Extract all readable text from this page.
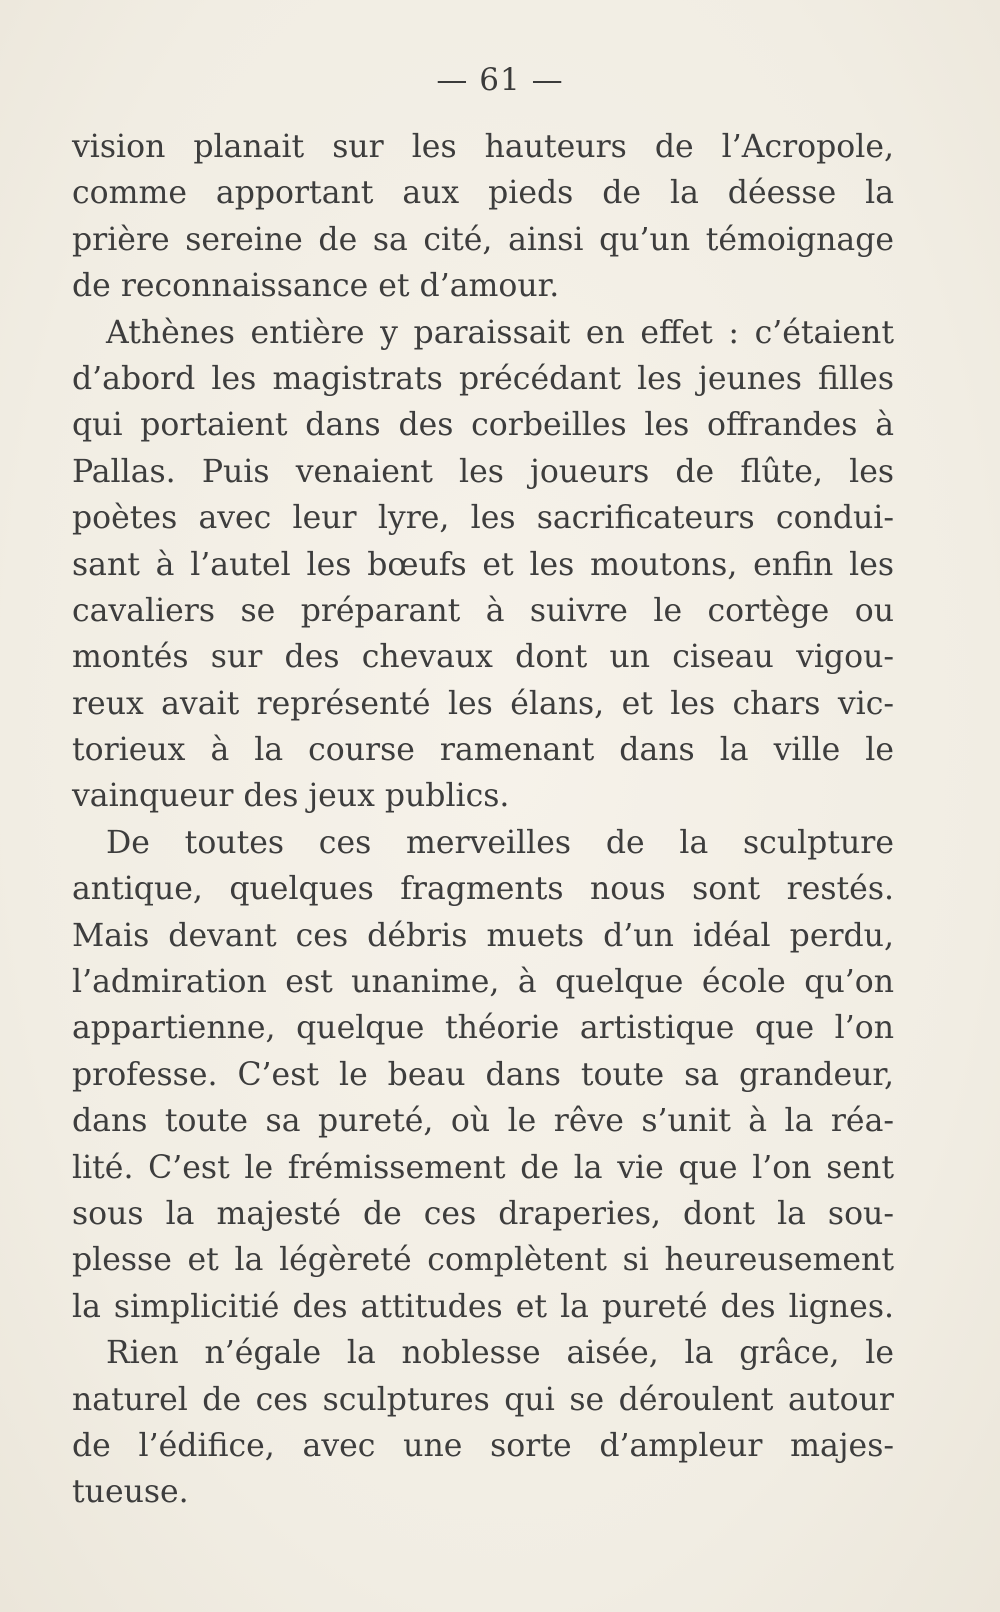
— 61 —
vision planait sur les hauteurs de l’Acropole,
comme apportant aux pieds de la déesse la
prière sereine de sa cité, ainsi qu’un témoignage
de reconnaissance et d’amour.
Athènes entière y paraissait en effet : c’étaient
d’abord les magistrats précédant les jeunes filles
qui portaient dans des corbeilles les offrandes à
Pallas. Puis venaient les joueurs de flûte, les
poètes avec leur lyre, les sacrificateurs condui-
sant à l’autel les bœufs et les moutons, enfin les
cavaliers se préparant à suivre le cortège ou
montés sur des chevaux dont un ciseau vigou-
reux avait représenté les élans, et les chars vic-
torieux à la course ramenant dans la ville le
vainqueur des jeux publics.
De toutes ces merveilles de la sculpture
antique, quelques fragments nous sont restés.
Mais devant ces débris muets d’un idéal perdu,
l’admiration est unanime, à quelque école qu’on
appartienne, quelque théorie artistique que l’on
professe. C’est le beau dans toute sa grandeur,
dans toute sa pureté, où le rêve s’unit à la réa-
lité. C’est le frémissement de la vie que l’on sent
sous la majesté de ces draperies, dont la sou-
plesse et la légèreté complètent si heureusement
la simplicitié des attitudes et la pureté des lignes.
Rien n’égale la noblesse aisée, la grâce, le
naturel de ces sculptures qui se déroulent autour
de l’édifice, avec une sorte d’ampleur majes-
tueuse.
